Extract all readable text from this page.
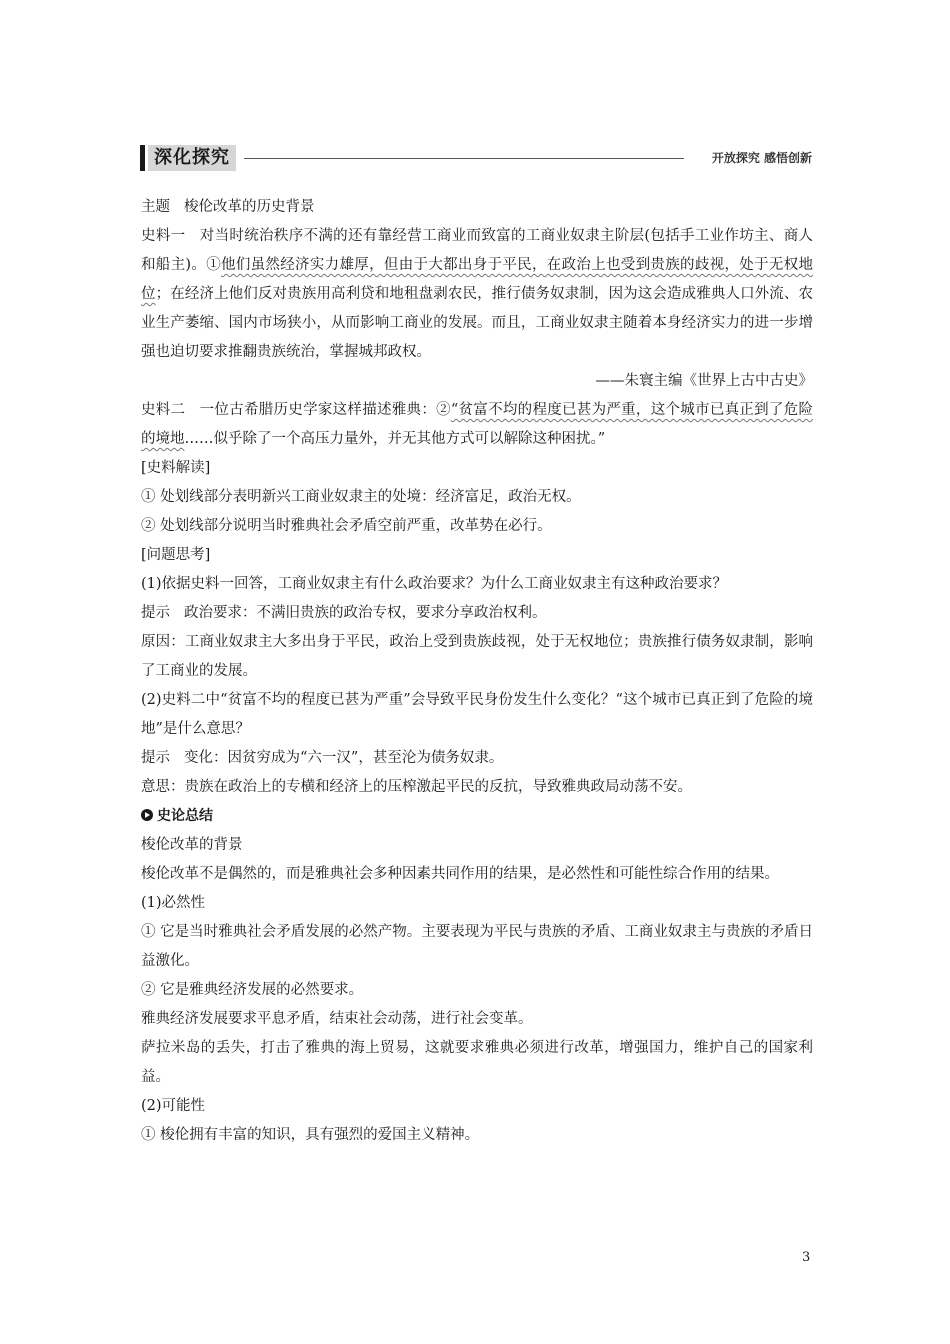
深化探究	开放探究 感悟创新
主题 梭伦改革的历史背景
史料一 对当时统治秩序不满的还有靠经营工商业而致富的工商业奴隶主阶层(包括手工业作坊主、商人和船主)。①他们虽然经济实力雄厚，但由于大都出身于平民，在政治上也受到贵族的歧视，处于无权地位；在经济上他们反对贵族用高利贷和地租盘剥农民，推行债务奴隶制，因为这会造成雅典人口外流、农业生产萎缩、国内市场狭小，从而影响工商业的发展。而且，工商业奴隶主随着本身经济实力的进一步增强也迫切要求推翻贵族统治，掌握城邦政权。
——朱寰主编《世界上古中古史》
史料二 一位古希腊历史学家这样描述雅典：②“贫富不均的程度已甚为严重，这个城市已真正到了危险的境地……似乎除了一个高压力量外，并无其他方式可以解除这种困扰。”
[史料解读]
① 处划线部分表明新兴工商业奴隶主的处境：经济富足，政治无权。
② 处划线部分说明当时雅典社会矛盾空前严重，改革势在必行。
[问题思考]
(1)依据史料一回答，工商业奴隶主有什么政治要求？为什么工商业奴隶主有这种政治要求？
提示 政治要求：不满旧贵族的政治专权，要求分享政治权利。
原因：工商业奴隶主大多出身于平民，政治上受到贵族歧视，处于无权地位；贵族推行债务奴隶制，影响了工商业的发展。
(2)史料二中“贫富不均的程度已甚为严重”会导致平民身份发生什么变化？“这个城市已真正到了危险的境地”是什么意思？
提示 变化：因贫穷成为“六一汉”，甚至沦为债务奴隶。
意思：贵族在政治上的专横和经济上的压榨激起平民的反抗，导致雅典政局动荡不安。
史论总结
梭伦改革的背景
梭伦改革不是偶然的，而是雅典社会多种因素共同作用的结果，是必然性和可能性综合作用的结果。
(1)必然性
① 它是当时雅典社会矛盾发展的必然产物。主要表现为平民与贵族的矛盾、工商业奴隶主与贵族的矛盾日益激化。
② 它是雅典经济发展的必然要求。
雅典经济发展要求平息矛盾，结束社会动荡，进行社会变革。
萨拉米岛的丢失，打击了雅典的海上贸易，这就要求雅典必须进行改革，增强国力，维护自己的国家利益。
(2)可能性
① 梭伦拥有丰富的知识，具有强烈的爱国主义精神。
3
